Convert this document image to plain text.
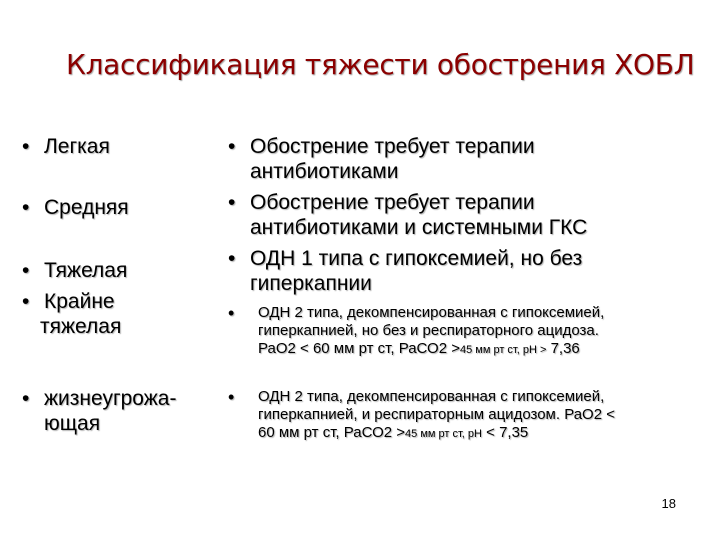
Классификация тяжести обострения ХОБЛ
• Легкая
• Средняя
• Тяжелая
• Крайне
тяжелая
• жизнеугрожа-
ющая
• Обострение требует терапии
антибиотиками
• Обострение требует терапии
антибиотиками и системными ГКС
• ОДН 1 типа с гипоксемией, но без
гиперкапнии
•	ОДН 2 типа, декомпенсированная с гипоксемией,
гиперкапнией, но без и респираторного ацидоза.
РаО2 < 60 мм рт ст, РаСО2 >45 мм рт ст, рН > 7,36
•	ОДН 2 типа, декомпенсированная с гипоксемией,
гиперкапнией, и респираторным ацидозом. РаО2 <
60 мм рт ст, РаСО2 >45 мм рт ст, рН < 7,35
18
